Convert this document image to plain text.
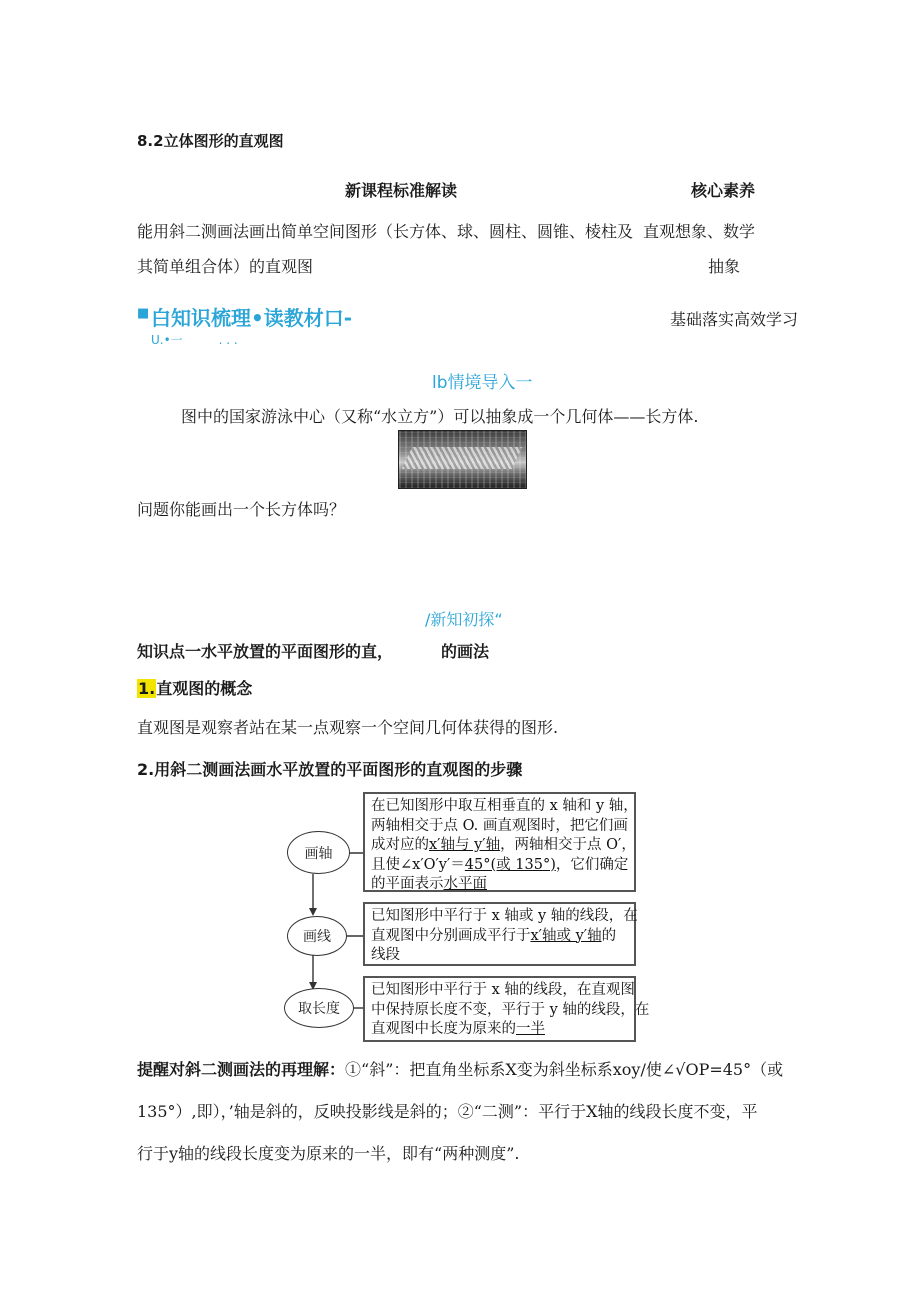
8.2立体图形的直观图
新课程标准解读	核心素养
能用斜二测画法画出简单空间图形（长方体、球、圆柱、圆锥、棱柱及 直观想象、数学
其简单组合体）的直观图	抽象
■ 白知识梳理•读教材口-
U.•一　　　. . .
基础落实高效学习
lb情境导入一
图中的国家游泳中心（又称“水立方”）可以抽象成一个几何体——长方体.
问题你能画出一个长方体吗？
/新知初探“
知识点一水平放置的平面图形的直，	的画法
1.直观图的概念
直观图是观察者站在某一点观察一个空间几何体获得的图形.
2.用斜二测画法画水平放置的平面图形的直观图的步骤
画轴
画线
取长度
在已知图形中取互相垂直的 x 轴和 y 轴，
两轴相交于点 O. 画直观图时，把它们画
成对应的x′轴与 y′轴，两轴相交于点 O′，
且使∠x′O′y′＝45°(或 135°)，它们确定
的平面表示水平面
已知图形中平行于 x 轴或 y 轴的线段，在
直观图中分别画成平行于x′轴或 y′轴的
线段
已知图形中平行于 x 轴的线段，在直观图
中保持原长度不变，平行于 y 轴的线段，在
直观图中长度为原来的一半
提醒对斜二测画法的再理解：①“斜”：把直角坐标系X变为斜坐标系xoy/使∠√OP=45°（或
135°）,即），’轴是斜的，反映投影线是斜的；②“二测”：平行于X轴的线段长度不变，平
行于y轴的线段长度变为原来的一半，即有“两种测度”.
